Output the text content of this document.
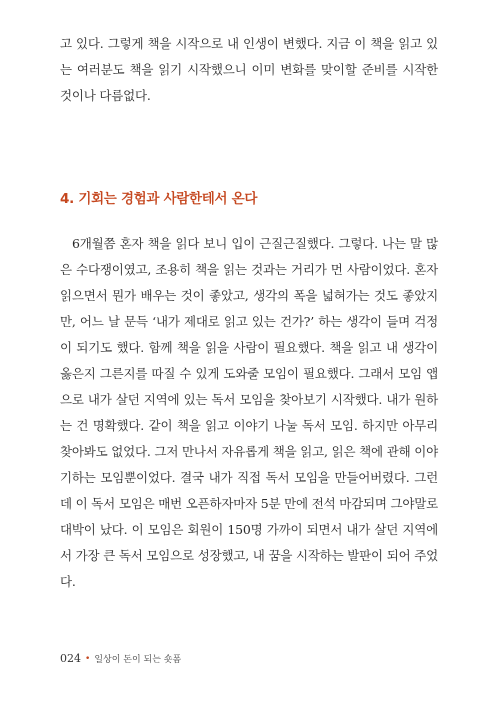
고 있다. 그렇게 책을 시작으로 내 인생이 변했다. 지금 이 책을 읽고 있는 여러분도 책을 읽기 시작했으니 이미 변화를 맞이할 준비를 시작한 것이나 다름없다.

4. 기회는 경험과 사람한테서 온다

6개월쯤 혼자 책을 읽다 보니 입이 근질근질했다. 그렇다. 나는 말 많은 수다쟁이였고, 조용히 책을 읽는 것과는 거리가 먼 사람이었다. 혼자 읽으면서 뭔가 배우는 것이 좋았고, 생각의 폭을 넓혀가는 것도 좋았지만, 어느 날 문득 ‘내가 제대로 읽고 있는 건가?’ 하는 생각이 들며 걱정이 되기도 했다. 함께 책을 읽을 사람이 필요했다. 책을 읽고 내 생각이 옳은지 그른지를 따질 수 있게 도와줄 모임이 필요했다. 그래서 모임 앱으로 내가 살던 지역에 있는 독서 모임을 찾아보기 시작했다. 내가 원하는 건 명확했다. 같이 책을 읽고 이야기 나눌 독서 모임. 하지만 아무리 찾아봐도 없었다. 그저 만나서 자유롭게 책을 읽고, 읽은 책에 관해 이야기하는 모임뿐이었다. 결국 내가 직접 독서 모임을 만들어버렸다. 그런데 이 독서 모임은 매번 오픈하자마자 5분 만에 전석 마감되며 그야말로 대박이 났다. 이 모임은 회원이 150명 가까이 되면서 내가 살던 지역에서 가장 큰 독서 모임으로 성장했고, 내 꿈을 시작하는 발판이 되어 주었다.

024 • 일상이 돈이 되는 숏폼
